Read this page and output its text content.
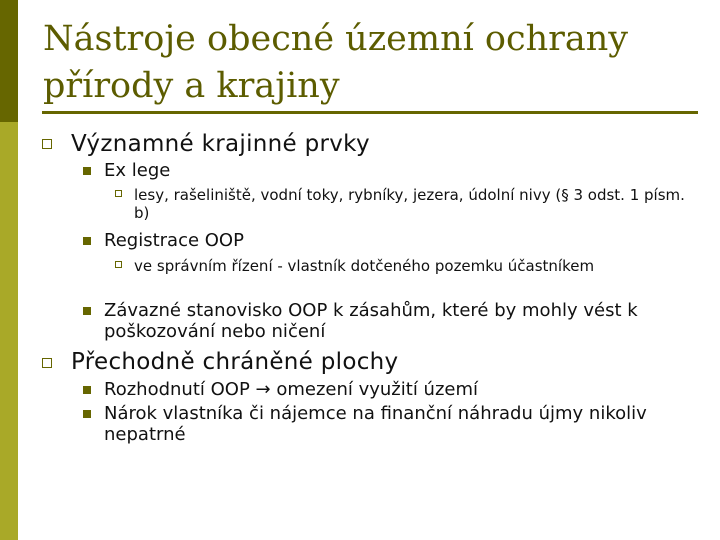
Nástroje obecné územní ochrany přírody a krajiny
Významné krajinné prvky
Ex lege
lesy, rašeliniště, vodní toky, rybníky, jezera, údolní nivy (§ 3 odst. 1 písm. b)
Registrace OOP
ve správním řízení - vlastník dotčeného pozemku účastníkem
Závazné stanovisko OOP k zásahům, které by mohly vést k poškozování nebo ničení
Přechodně chráněné plochy
Rozhodnutí OOP → omezení využití území
Nárok vlastníka či nájemce na finanční náhradu újmy nikoliv nepatrné
